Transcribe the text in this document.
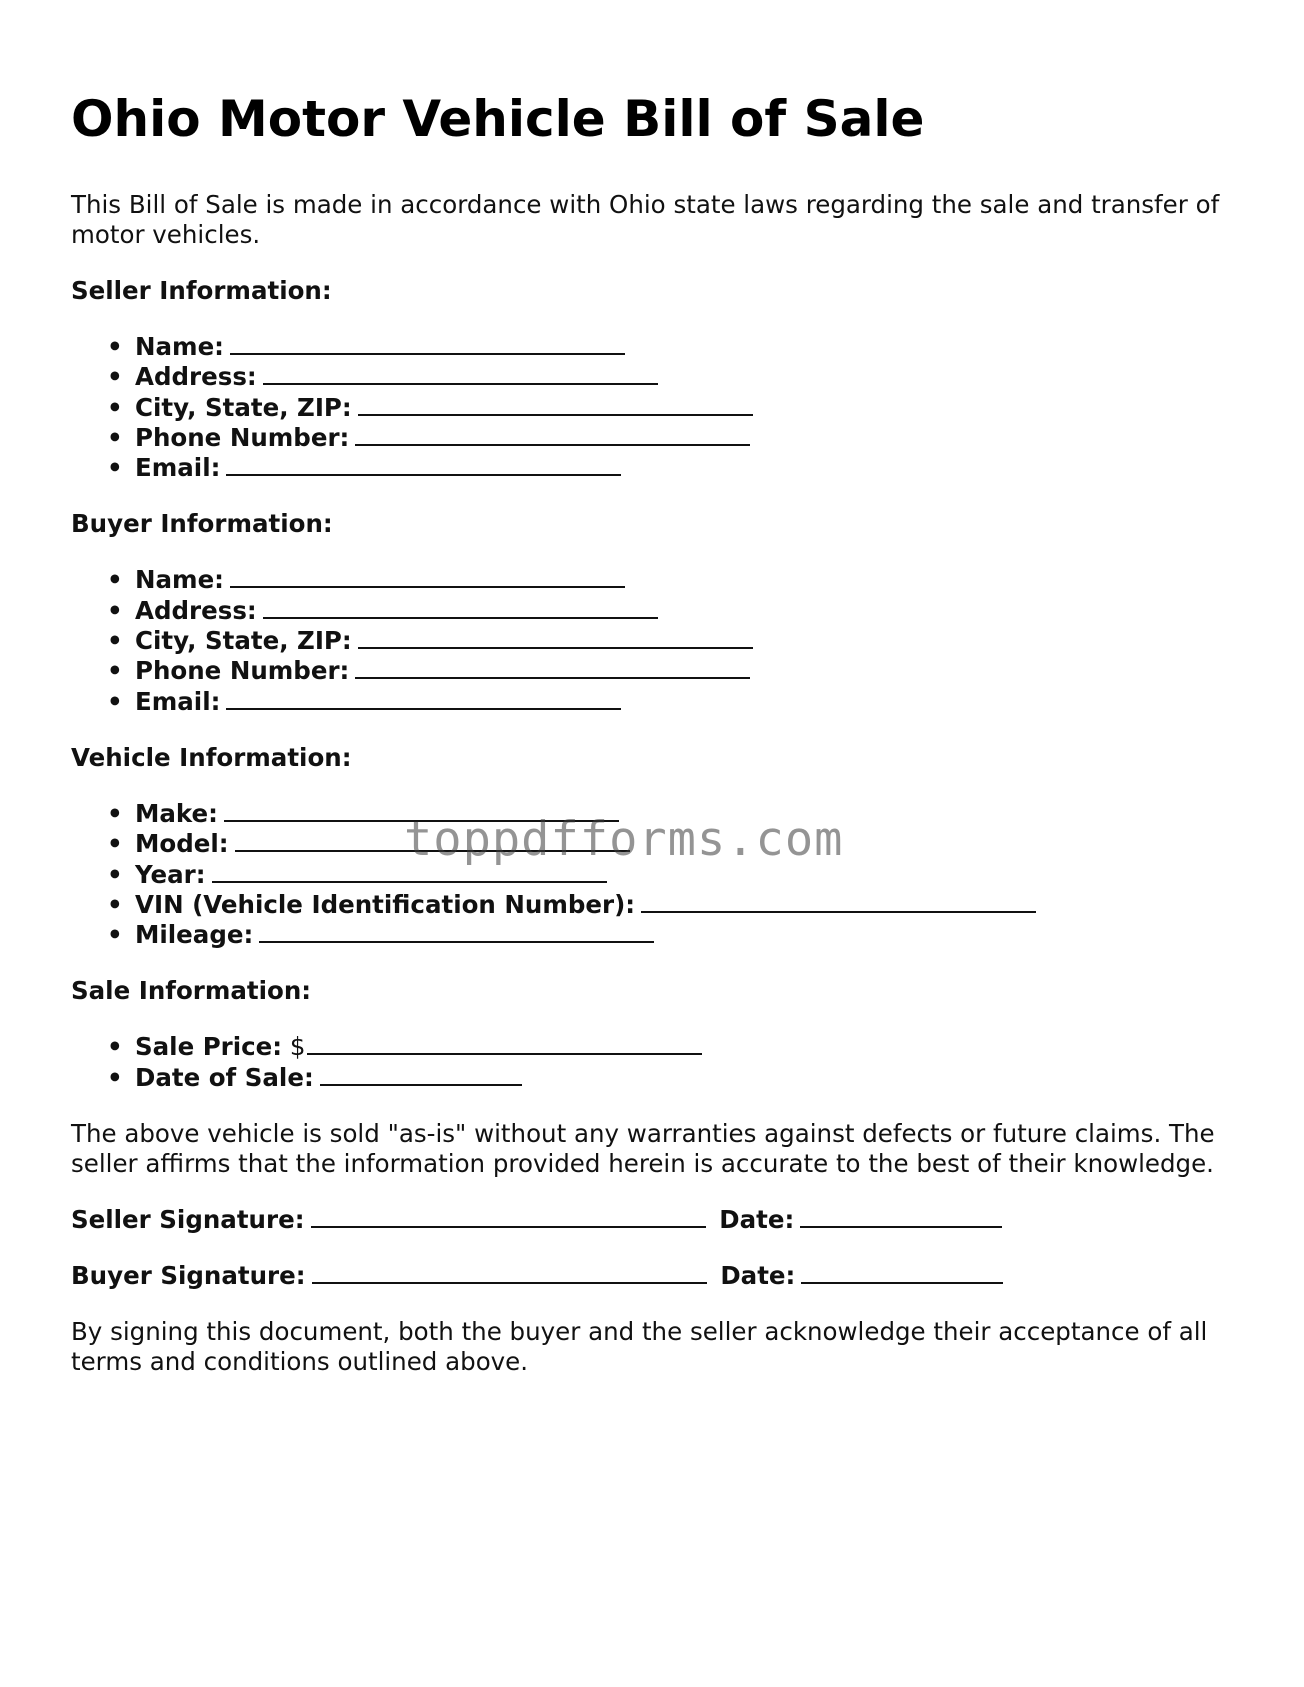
Ohio Motor Vehicle Bill of Sale

This Bill of Sale is made in accordance with Ohio state laws regarding the sale and transfer of motor vehicles.

Seller Information:
• Name:
• Address:
• City, State, ZIP:
• Phone Number:
• Email:
Buyer Information:
• Name:
• Address:
• City, State, ZIP:
• Phone Number:
• Email:
Vehicle Information:
• Make:
• Model:
• Year:
• VIN (Vehicle Identification Number):
• Mileage:
Sale Information:
• Sale Price: $
• Date of Sale:

The above vehicle is sold "as-is" without any warranties against defects or future claims. The seller affirms that the information provided herein is accurate to the best of their knowledge.

Seller Signature:	Date:
Buyer Signature:	Date:

By signing this document, both the buyer and the seller acknowledge their acceptance of all terms and conditions outlined above.

toppdfforms.com
